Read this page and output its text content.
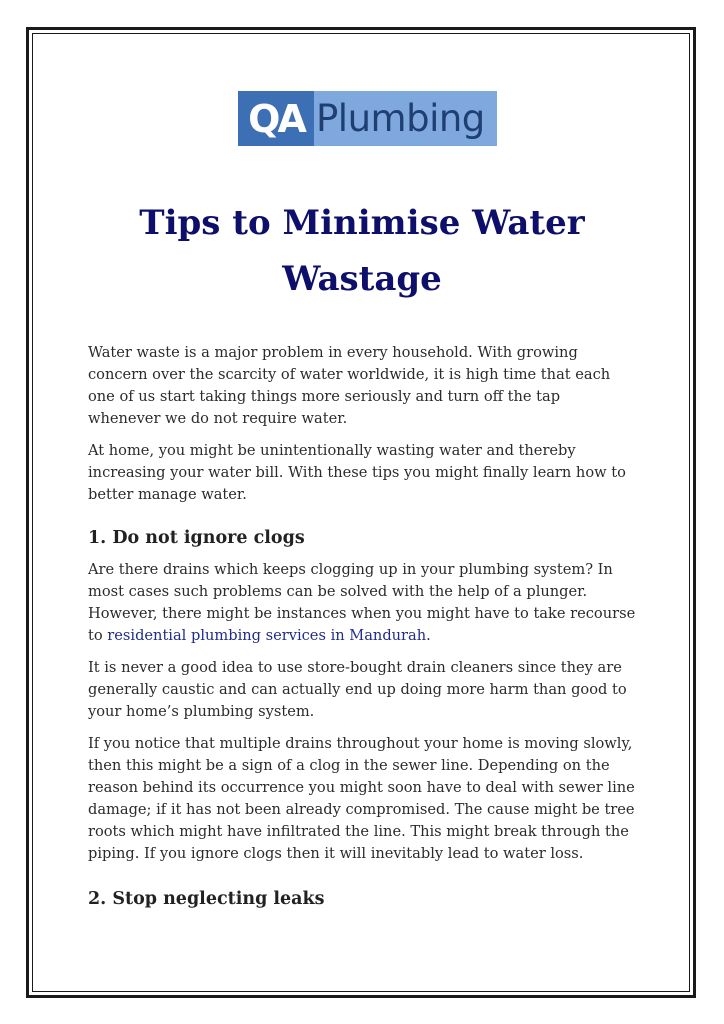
QA Plumbing
Tips to Minimise Water
Wastage

Water waste is a major problem in every household. With growing concern over the scarcity of water worldwide, it is high time that each one of us start taking things more seriously and turn off the tap whenever we do not require water.

At home, you might be unintentionally wasting water and thereby increasing your water bill. With these tips you might finally learn how to better manage water.

1. Do not ignore clogs

Are there drains which keeps clogging up in your plumbing system? In most cases such problems can be solved with the help of a plunger. However, there might be instances when you might have to take recourse to residential plumbing services in Mandurah.

It is never a good idea to use store-bought drain cleaners since they are generally caustic and can actually end up doing more harm than good to your home’s plumbing system.

If you notice that multiple drains throughout your home is moving slowly, then this might be a sign of a clog in the sewer line. Depending on the reason behind its occurrence you might soon have to deal with sewer line damage; if it has not been already compromised. The cause might be tree roots which might have infiltrated the line. This might break through the piping. If you ignore clogs then it will inevitably lead to water loss.

2. Stop neglecting leaks
